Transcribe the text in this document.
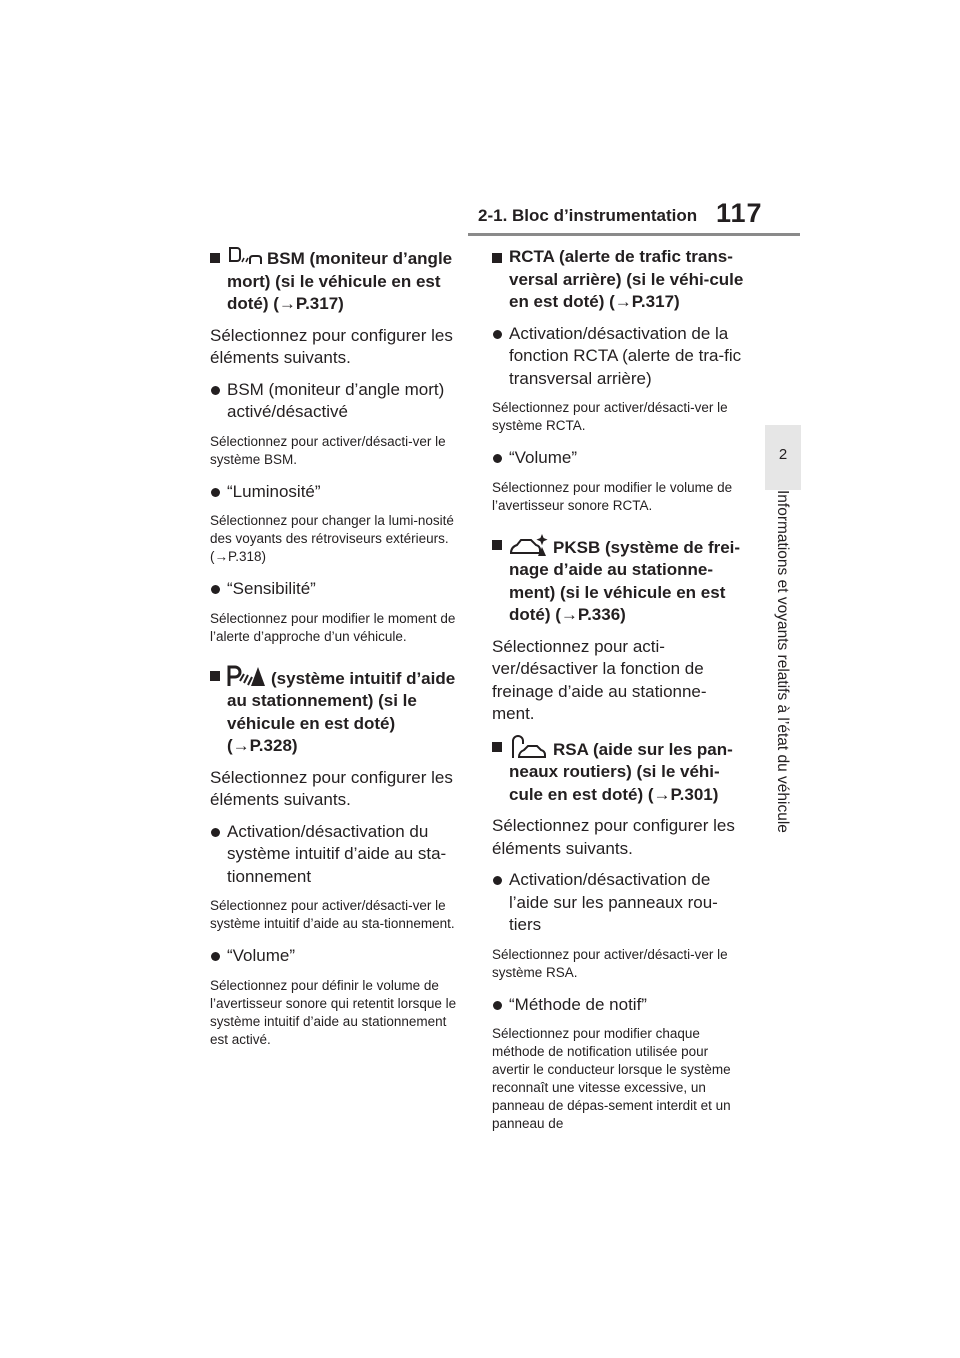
2-1. Bloc d’instrumentation 117
2
Informations et voyants relatifs à l’état du véhicule
BSM (moniteur d’angle mort) (si le véhicule en est doté) (→P.317)
Sélectionnez pour configurer les éléments suivants.
BSM (moniteur d’angle mort) activé/désactivé
Sélectionnez pour activer/désacti-ver le système BSM.
“Luminosité”
Sélectionnez pour changer la lumi-nosité des voyants des rétroviseurs extérieurs. (→P.318)
“Sensibilité”
Sélectionnez pour modifier le moment de l’alerte d’approche d’un véhicule.
(système intuitif d’aide au stationnement) (si le véhicule en est doté) (→P.328)
Sélectionnez pour configurer les éléments suivants.
Activation/désactivation du système intuitif d’aide au sta-tionnement
Sélectionnez pour activer/désacti-ver le système intuitif d’aide au sta-tionnement.
“Volume”
Sélectionnez pour définir le volume de l’avertisseur sonore qui retentit lorsque le système intuitif d’aide au stationnement est activé.
RCTA (alerte de trafic trans-versal arrière) (si le véhi-cule en est doté) (→P.317)
Activation/désactivation de la fonction RCTA (alerte de tra-fic transversal arrière)
Sélectionnez pour activer/désacti-ver le système RCTA.
“Volume”
Sélectionnez pour modifier le volume de l’avertisseur sonore RCTA.
PKSB (système de frei-nage d’aide au stationne-ment) (si le véhicule en est doté) (→P.336)
Sélectionnez pour acti-ver/désactiver la fonction de freinage d’aide au stationne-ment.
RSA (aide sur les pan-neaux routiers) (si le véhi-cule en est doté) (→P.301)
Sélectionnez pour configurer les éléments suivants.
Activation/désactivation de l’aide sur les panneaux rou-tiers
Sélectionnez pour activer/désacti-ver le système RSA.
“Méthode de notif”
Sélectionnez pour modifier chaque méthode de notification utilisée pour avertir le conducteur lorsque le système reconnaît une vitesse excessive, un panneau de dépas-sement interdit et un panneau de
